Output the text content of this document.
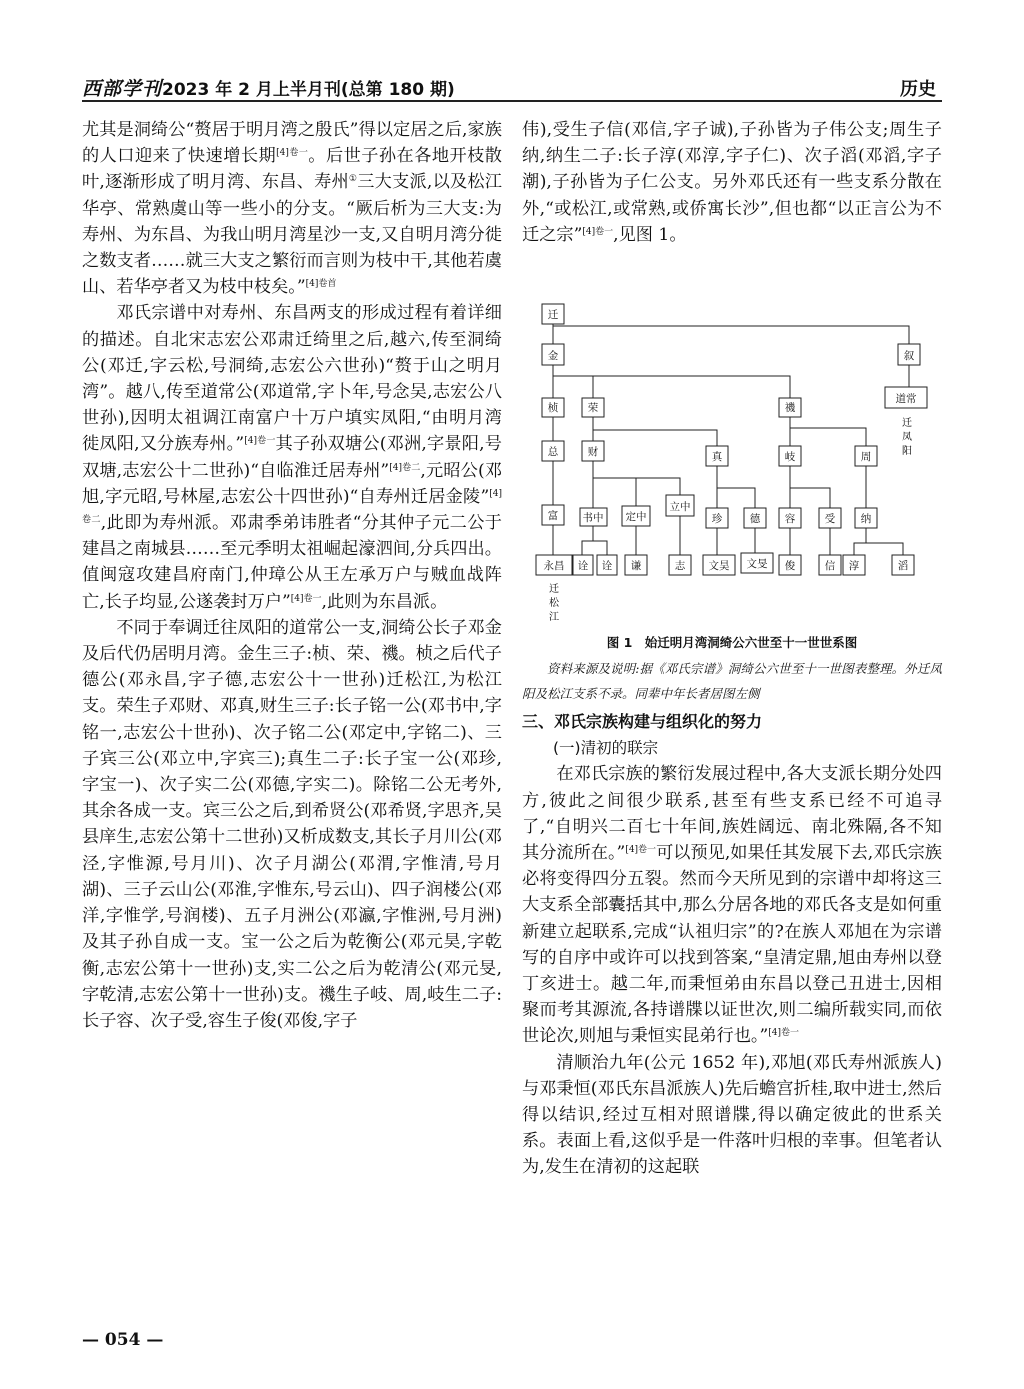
西部学刊 2023 年 2 月上半月刊(总第 180 期)	历史

尤其是洞绮公“赘居于明月湾之殷氏”得以定居之后,家族的人口迎来了快速增长期$^{[4]卷一}$。后世子孙在各地开枝散叶,逐渐形成了明月湾、东昌、寿州①三大支派,以及松江华亭、常熟虞山等一些小的分支。“厥后析为三大支:为寿州、为东昌、为我山明月湾星沙一支,又自明月湾分徙之数支者……就三大支之繁衍而言则为枝中干,其他若虞山、若华亭者又为枝中枝矣。”$^{[4]卷首}$

邓氏宗谱中对寿州、东昌两支的形成过程有着详细的描述。自北宋志宏公邓肃迁绮里之后,越六,传至洞绮公(邓迁,字云松,号洞绮,志宏公六世孙)“赘于山之明月湾”。越八,传至道常公(邓道常,字卜年,号念吴,志宏公八世孙),因明太祖调江南富户十万户填实凤阳,“由明月湾徙凤阳,又分族寿州。”$^{[4]卷一}$其子孙双塘公(邓洲,字景阳,号双塘,志宏公十二世孙)“自临淮迁居寿州”$^{[4]卷二}$,元昭公(邓旭,字元昭,号林屋,志宏公十四世孙)“自寿州迁居金陵”$^{[4]卷二}$,此即为寿州派。邓肃季弟讳胜者“分其仲子元二公于建昌之南城县……至元季明太祖崛起濠泗间,分兵四出。值闽寇攻建昌府南门,仲璋公从王左承万户与贼血战阵亡,长子均显,公遂袭封万户”$^{[4]卷一}$,此则为东昌派。

不同于奉调迁往凤阳的道常公一支,洞绮公长子邓金及后代仍居明月湾。金生三子:桢、荣、禨。桢之后代子德公(邓永昌,字子德,志宏公十一世孙)迁松江,为松江支。荣生子邓财、邓真,财生三子:长子铭一公(邓书中,字铭一,志宏公十世孙)、次子铭二公(邓定中,字铭二)、三子宾三公(邓立中,字宾三);真生二子:长子宝一公(邓珍,字宝一)、次子实二公(邓德,字实二)。除铭二公无考外,其余各成一支。宾三公之后,到希贤公(邓希贤,字思齐,吴县庠生,志宏公第十二世孙)又析成数支,其长子月川公(邓泾,字惟源,号月川)、次子月湖公(邓渭,字惟清,号月湖)、三子云山公(邓淮,字惟东,号云山)、四子润楼公(邓洋,字惟学,号润楼)、五子月洲公(邓瀛,字惟洲,号月洲)及其子孙自成一支。宝一公之后为乾衡公(邓元昊,字乾衡,志宏公第十一世孙)支,实二公之后为乾清公(邓元旻,字乾清,志宏公第十一世孙)支。禨生子岐、周,岐生二子:长子容、次子受,容生子俊(邓俊,字子

伟),受生子信(邓信,字子诚),子孙皆为子伟公支;周生子纳,纳生二子:长子淳(邓淳,字子仁)、次子滔(邓滔,字子潮),子孙皆为子仁公支。另外邓氏还有一些支系分散在外,“或松江,或常熟,或侨寓长沙”,但也都“以正言公为不迁之宗”$^{[4]卷一}$,见图 1。

迁
金	叙
桢	荣	禨
道常
总	财	真	岐	周
富 书中 定中
立中
珍	德 容	受 纳
永昌 诠 诠 谦	志 文昊 文旻 俊	信 淳	滔
迁凤阳
迁松江
图 1　始迁明月湾洞绮公六世至十一世世系图
资料来源及说明:据《邓氏宗谱》洞绮公六世至十一世图表整理。外迁凤阳及松江支系不录。同辈中年长者居图左侧

三、邓氏宗族构建与组织化的努力

(一)清初的联宗

在邓氏宗族的繁衍发展过程中,各大支派长期分处四方,彼此之间很少联系,甚至有些支系已经不可追寻了,“自明兴二百七十年间,族姓阔远、南北殊隔,各不知其分流所在。”$^{[4]卷一}$可以预见,如果任其发展下去,邓氏宗族必将变得四分五裂。然而今天所见到的宗谱中却将这三大支系全部囊括其中,那么分居各地的邓氏各支是如何重新建立起联系,完成“认祖归宗”的?在族人邓旭在为宗谱写的自序中或许可以找到答案,“皇清定鼎,旭由寿州以登丁亥进士。越二年,而秉恒弟由东昌以登己丑进士,因相聚而考其源流,各持谱牒以证世次,则二编所载实同,而依世论次,则旭与秉恒实昆弟行也。”$^{[4]卷一}$

清顺治九年(公元 1652 年),邓旭(邓氏寿州派族人)与邓秉恒(邓氏东昌派族人)先后蟾宫折桂,取中进士,然后得以结识,经过互相对照谱牒,得以确定彼此的世系关系。表面上看,这似乎是一件落叶归根的幸事。但笔者认为,发生在清初的这起联

— 054 —
